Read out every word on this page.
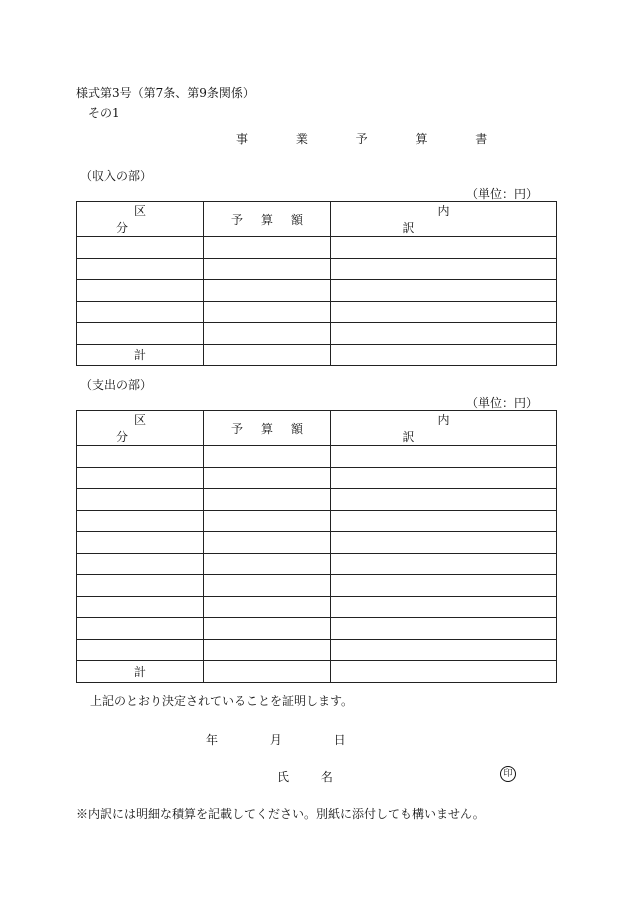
様式第3号（第7条、第9条関係）
その1
事 業 予 算 書
（収入の部）
（単位：円）
区分	予算額	内訳

計		
（支出の部）
（単位：円）
区分	予算額	内訳

計		
上記のとおり決定されていることを証明します。
年 月 日
氏 名	印
※内訳には明細な積算を記載してください。別紙に添付しても構いません。
